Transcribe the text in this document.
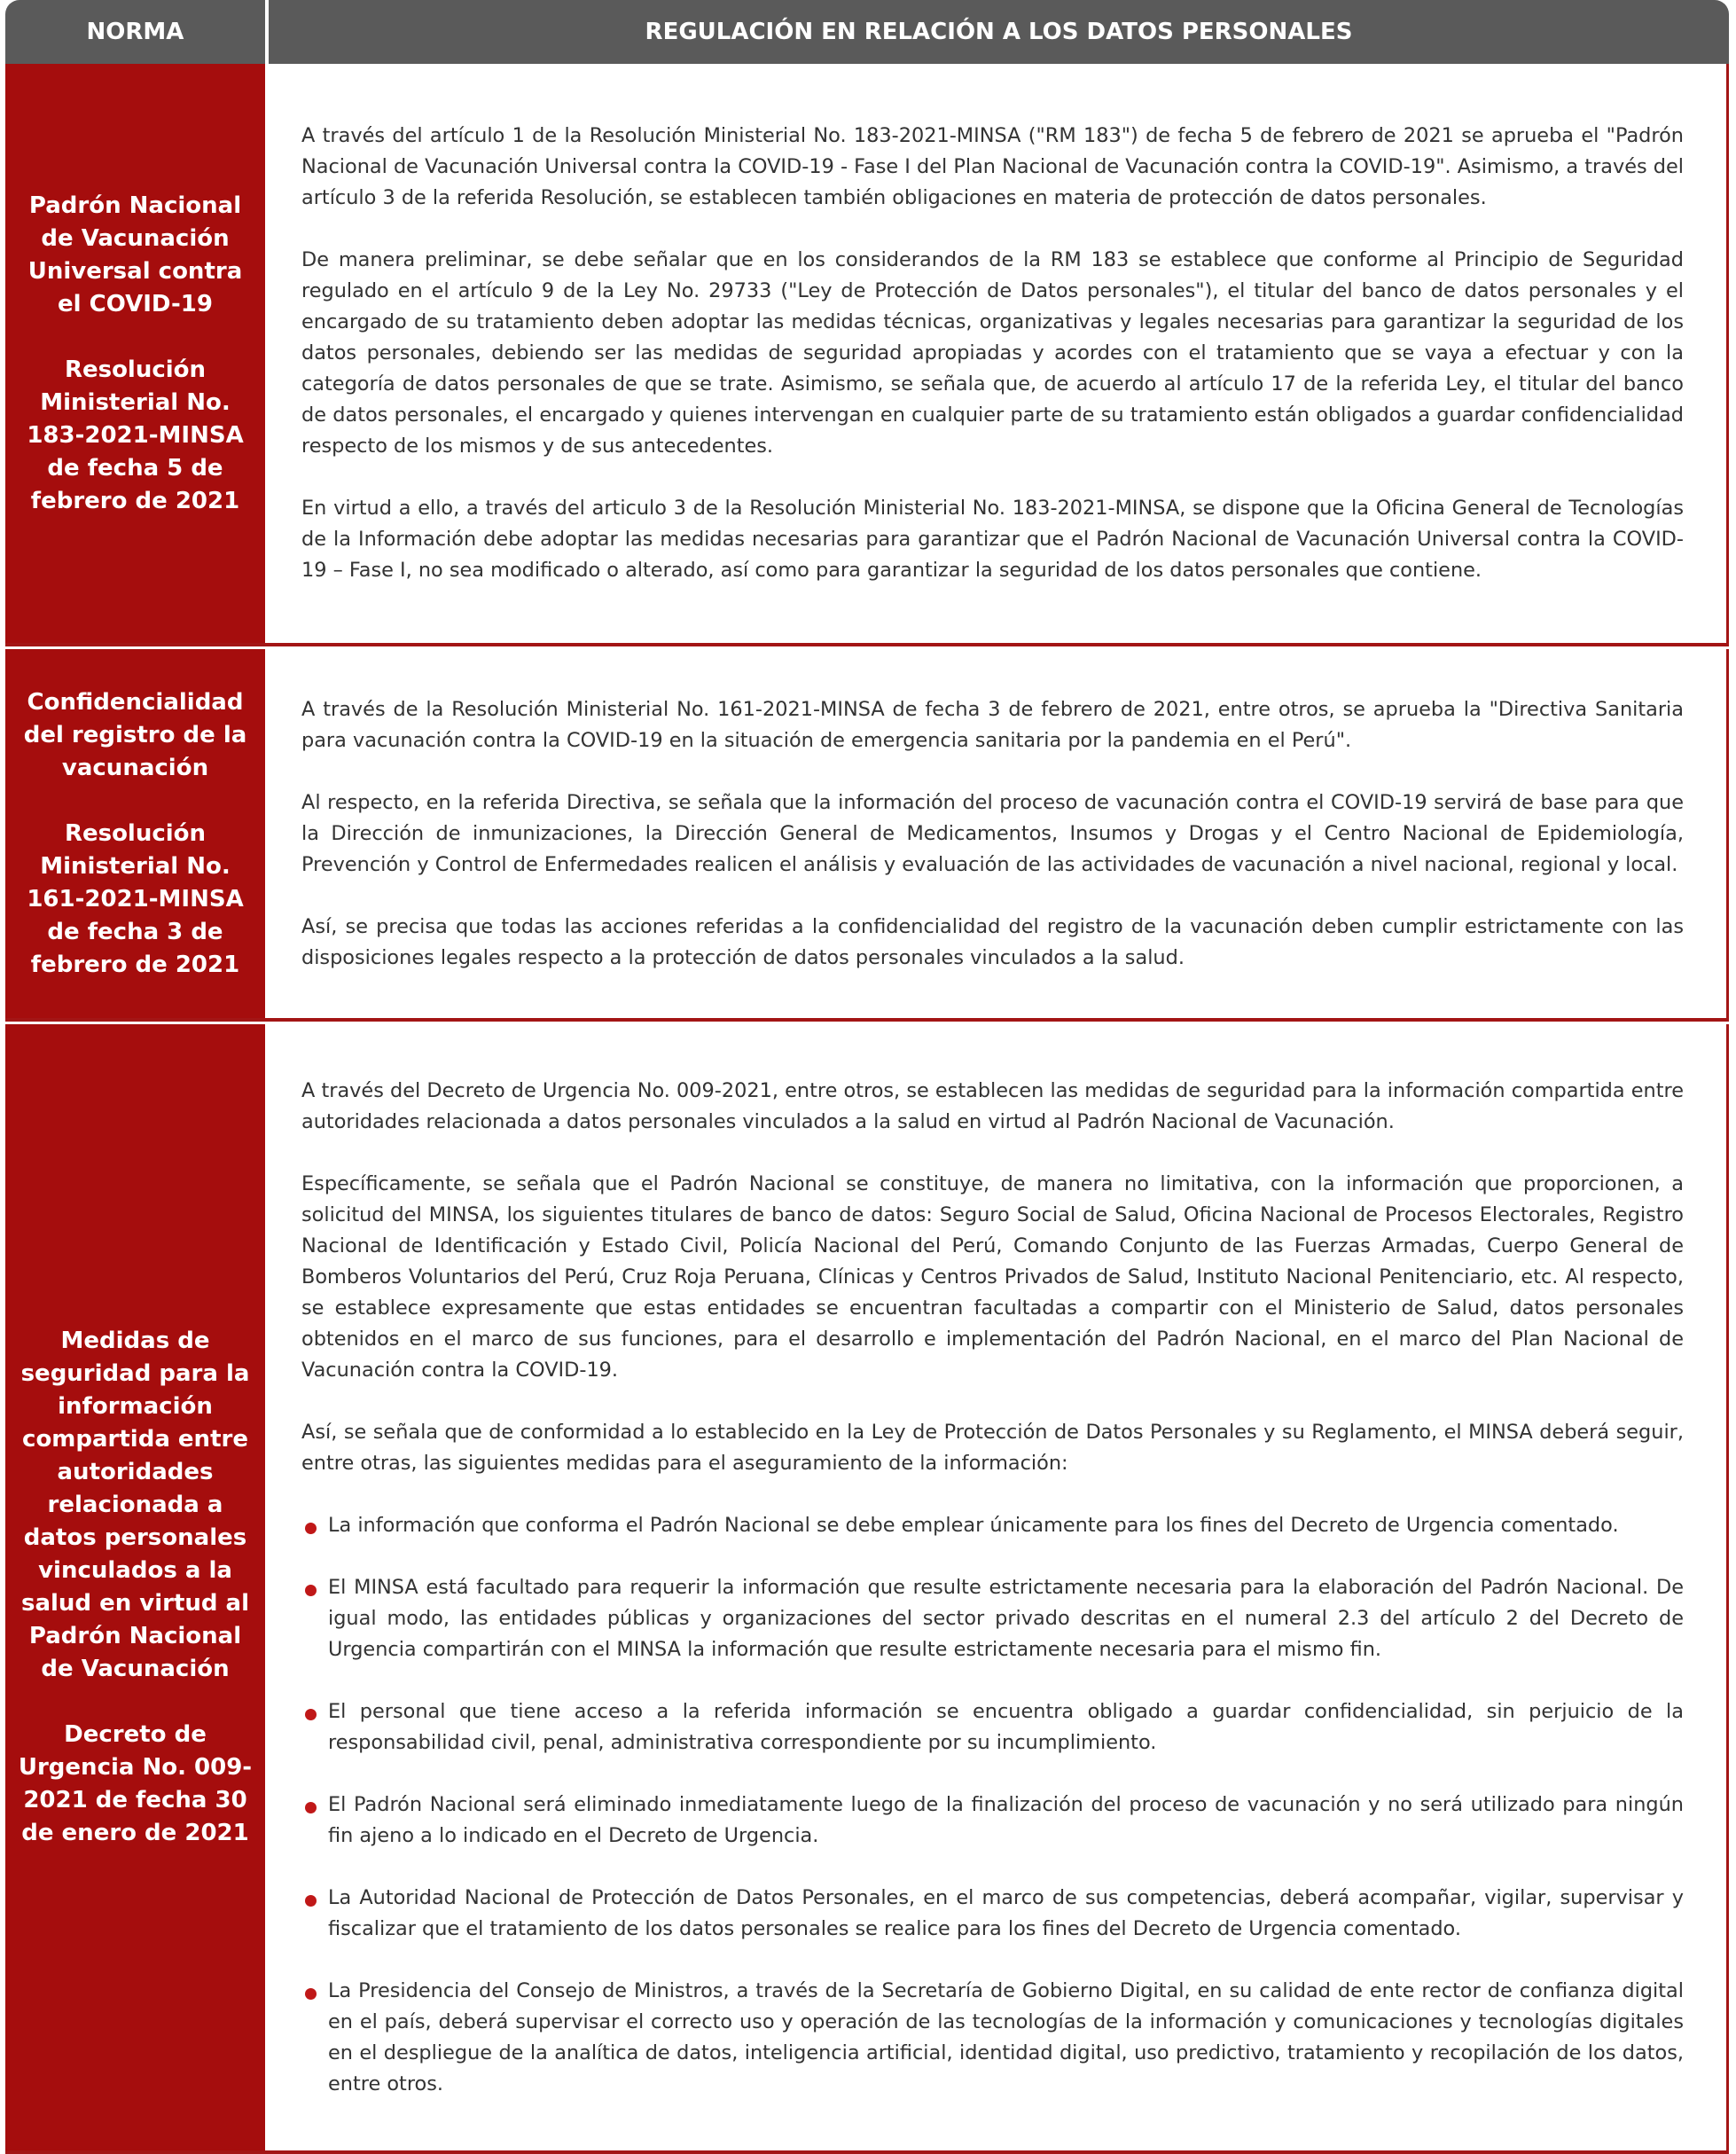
NORMA	REGULACIÓN EN RELACIÓN A LOS DATOS PERSONALES
Padrón Nacional de Vacunación Universal contra el COVID-19
Resolución Ministerial No. 183-2021-MINSA de fecha 5 de febrero de 2021

A través del artículo 1 de la Resolución Ministerial No. 183-2021-MINSA ("RM 183") de fecha 5 de febrero de 2021 se aprueba el "Padrón Nacional de Vacunación Universal contra la COVID-19 - Fase I del Plan Nacional de Vacunación contra la COVID-19". Asimismo, a través del artículo 3 de la referida Resolución, se establecen también obligaciones en materia de protección de datos personales.

De manera preliminar, se debe señalar que en los considerandos de la RM 183 se establece que conforme al Principio de Seguridad regulado en el artículo 9 de la Ley No. 29733 ("Ley de Protección de Datos personales"), el titular del banco de datos personales y el encargado de su tratamiento deben adoptar las medidas técnicas, organizativas y legales necesarias para garantizar la seguridad de los datos personales, debiendo ser las medidas de seguridad apropiadas y acordes con el tratamiento que se vaya a efectuar y con la categoría de datos personales de que se trate. Asimismo, se señala que, de acuerdo al artículo 17 de la referida Ley, el titular del banco de datos personales, el encargado y quienes intervengan en cualquier parte de su tratamiento están obligados a guardar confidencialidad respecto de los mismos y de sus antecedentes.

En virtud a ello, a través del articulo 3 de la Resolución Ministerial No. 183-2021-MINSA, se dispone que la Oficina General de Tecnologías de la Información debe adoptar las medidas necesarias para garantizar que el Padrón Nacional de Vacunación Universal contra la COVID-19 – Fase I, no sea modificado o alterado, así como para garantizar la seguridad de los datos personales que contiene.

Confidencialidad del registro de la vacunación
Resolución Ministerial No. 161-2021-MINSA de fecha 3 de febrero de 2021

A través de la Resolución Ministerial No. 161-2021-MINSA de fecha 3 de febrero de 2021, entre otros, se aprueba la "Directiva Sanitaria para vacunación contra la COVID-19 en la situación de emergencia sanitaria por la pandemia en el Perú".

Al respecto, en la referida Directiva, se señala que la información del proceso de vacunación contra el COVID-19 servirá de base para que la Dirección de inmunizaciones, la Dirección General de Medicamentos, Insumos y Drogas y el Centro Nacional de Epidemiología, Prevención y Control de Enfermedades realicen el análisis y evaluación de las actividades de vacunación a nivel nacional, regional y local.

Así, se precisa que todas las acciones referidas a la confidencialidad del registro de la vacunación deben cumplir estrictamente con las disposiciones legales respecto a la protección de datos personales vinculados a la salud.

Medidas de seguridad para la información compartida entre autoridades relacionada a datos personales vinculados a la salud en virtud al Padrón Nacional de Vacunación
Decreto de Urgencia No. 009-2021 de fecha 30 de enero de 2021

A través del Decreto de Urgencia No. 009-2021, entre otros, se establecen las medidas de seguridad para la información compartida entre autoridades relacionada a datos personales vinculados a la salud en virtud al Padrón Nacional de Vacunación.

Específicamente, se señala que el Padrón Nacional se constituye, de manera no limitativa, con la información que proporcionen, a solicitud del MINSA, los siguientes titulares de banco de datos: Seguro Social de Salud, Oficina Nacional de Procesos Electorales, Registro Nacional de Identificación y Estado Civil, Policía Nacional del Perú, Comando Conjunto de las Fuerzas Armadas, Cuerpo General de Bomberos Voluntarios del Perú, Cruz Roja Peruana, Clínicas y Centros Privados de Salud, Instituto Nacional Penitenciario, etc. Al respecto, se establece expresamente que estas entidades se encuentran facultadas a compartir con el Ministerio de Salud, datos personales obtenidos en el marco de sus funciones, para el desarrollo e implementación del Padrón Nacional, en el marco del Plan Nacional de Vacunación contra la COVID-19.

Así, se señala que de conformidad a lo establecido en la Ley de Protección de Datos Personales y su Reglamento, el MINSA deberá seguir, entre otras, las siguientes medidas para el aseguramiento de la información:

La información que conforma el Padrón Nacional se debe emplear únicamente para los fines del Decreto de Urgencia comentado.
El MINSA está facultado para requerir la información que resulte estrictamente necesaria para la elaboración del Padrón Nacional. De igual modo, las entidades públicas y organizaciones del sector privado descritas en el numeral 2.3 del artículo 2 del Decreto de Urgencia compartirán con el MINSA la información que resulte estrictamente necesaria para el mismo fin.
El personal que tiene acceso a la referida información se encuentra obligado a guardar confidencialidad, sin perjuicio de la responsabilidad civil, penal, administrativa correspondiente por su incumplimiento.
El Padrón Nacional será eliminado inmediatamente luego de la finalización del proceso de vacunación y no será utilizado para ningún fin ajeno a lo indicado en el Decreto de Urgencia.
La Autoridad Nacional de Protección de Datos Personales, en el marco de sus competencias, deberá acompañar, vigilar, supervisar y fiscalizar que el tratamiento de los datos personales se realice para los fines del Decreto de Urgencia comentado.
La Presidencia del Consejo de Ministros, a través de la Secretaría de Gobierno Digital, en su calidad de ente rector de confianza digital en el país, deberá supervisar el correcto uso y operación de las tecnologías de la información y comunicaciones y tecnologías digitales en el despliegue de la analítica de datos, inteligencia artificial, identidad digital, uso predictivo, tratamiento y recopilación de los datos, entre otros.
